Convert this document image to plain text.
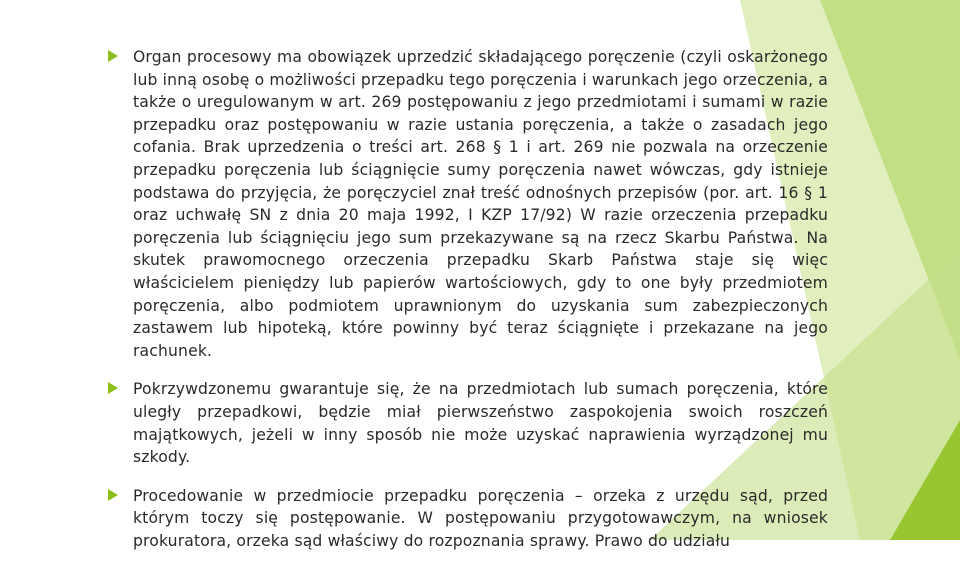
Organ procesowy ma obowiązek uprzedzić składającego poręczenie (czyli oskarżonego lub inną osobę o możliwości przepadku tego poręczenia i warunkach jego orzeczenia, a także o uregulowanym w art. 269 postępowaniu z jego przedmiotami i sumami w razie przepadku oraz postępowaniu w razie ustania poręczenia, a także o zasadach jego cofania. Brak uprzedzenia o treści art. 268 § 1 i art. 269 nie pozwala na orzeczenie przepadku poręczenia lub ściągnięcie sumy poręczenia nawet wówczas, gdy istnieje podstawa do przyjęcia, że poręczyciel znał treść odnośnych przepisów (por. art. 16 § 1 oraz uchwałę SN z dnia 20 maja 1992, I KZP 17/92) W razie orzeczenia przepadku poręczenia lub ściągnięciu jego sum przekazywane są na rzecz Skarbu Państwa. Na skutek prawomocnego orzeczenia przepadku Skarb Państwa staje się więc właścicielem pieniędzy lub papierów wartościowych, gdy to one były przedmiotem poręczenia, albo podmiotem uprawnionym do uzyskania sum zabezpieczonych zastawem lub hipoteką, które powinny być teraz ściągnięte i przekazane na jego rachunek.

Pokrzywdzonemu gwarantuje się, że na przedmiotach lub sumach poręczenia, które uległy przepadkowi, będzie miał pierwszeństwo zaspokojenia swoich roszczeń majątkowych, jeżeli w inny sposób nie może uzyskać naprawienia wyrządzonej mu szkody.

Procedowanie w przedmiocie przepadku poręczenia – orzeka z urzędu sąd, przed którym toczy się postępowanie. W postępowaniu przygotowawczym, na wniosek prokuratora, orzeka sąd właściwy do rozpoznania sprawy. Prawo do udziału
